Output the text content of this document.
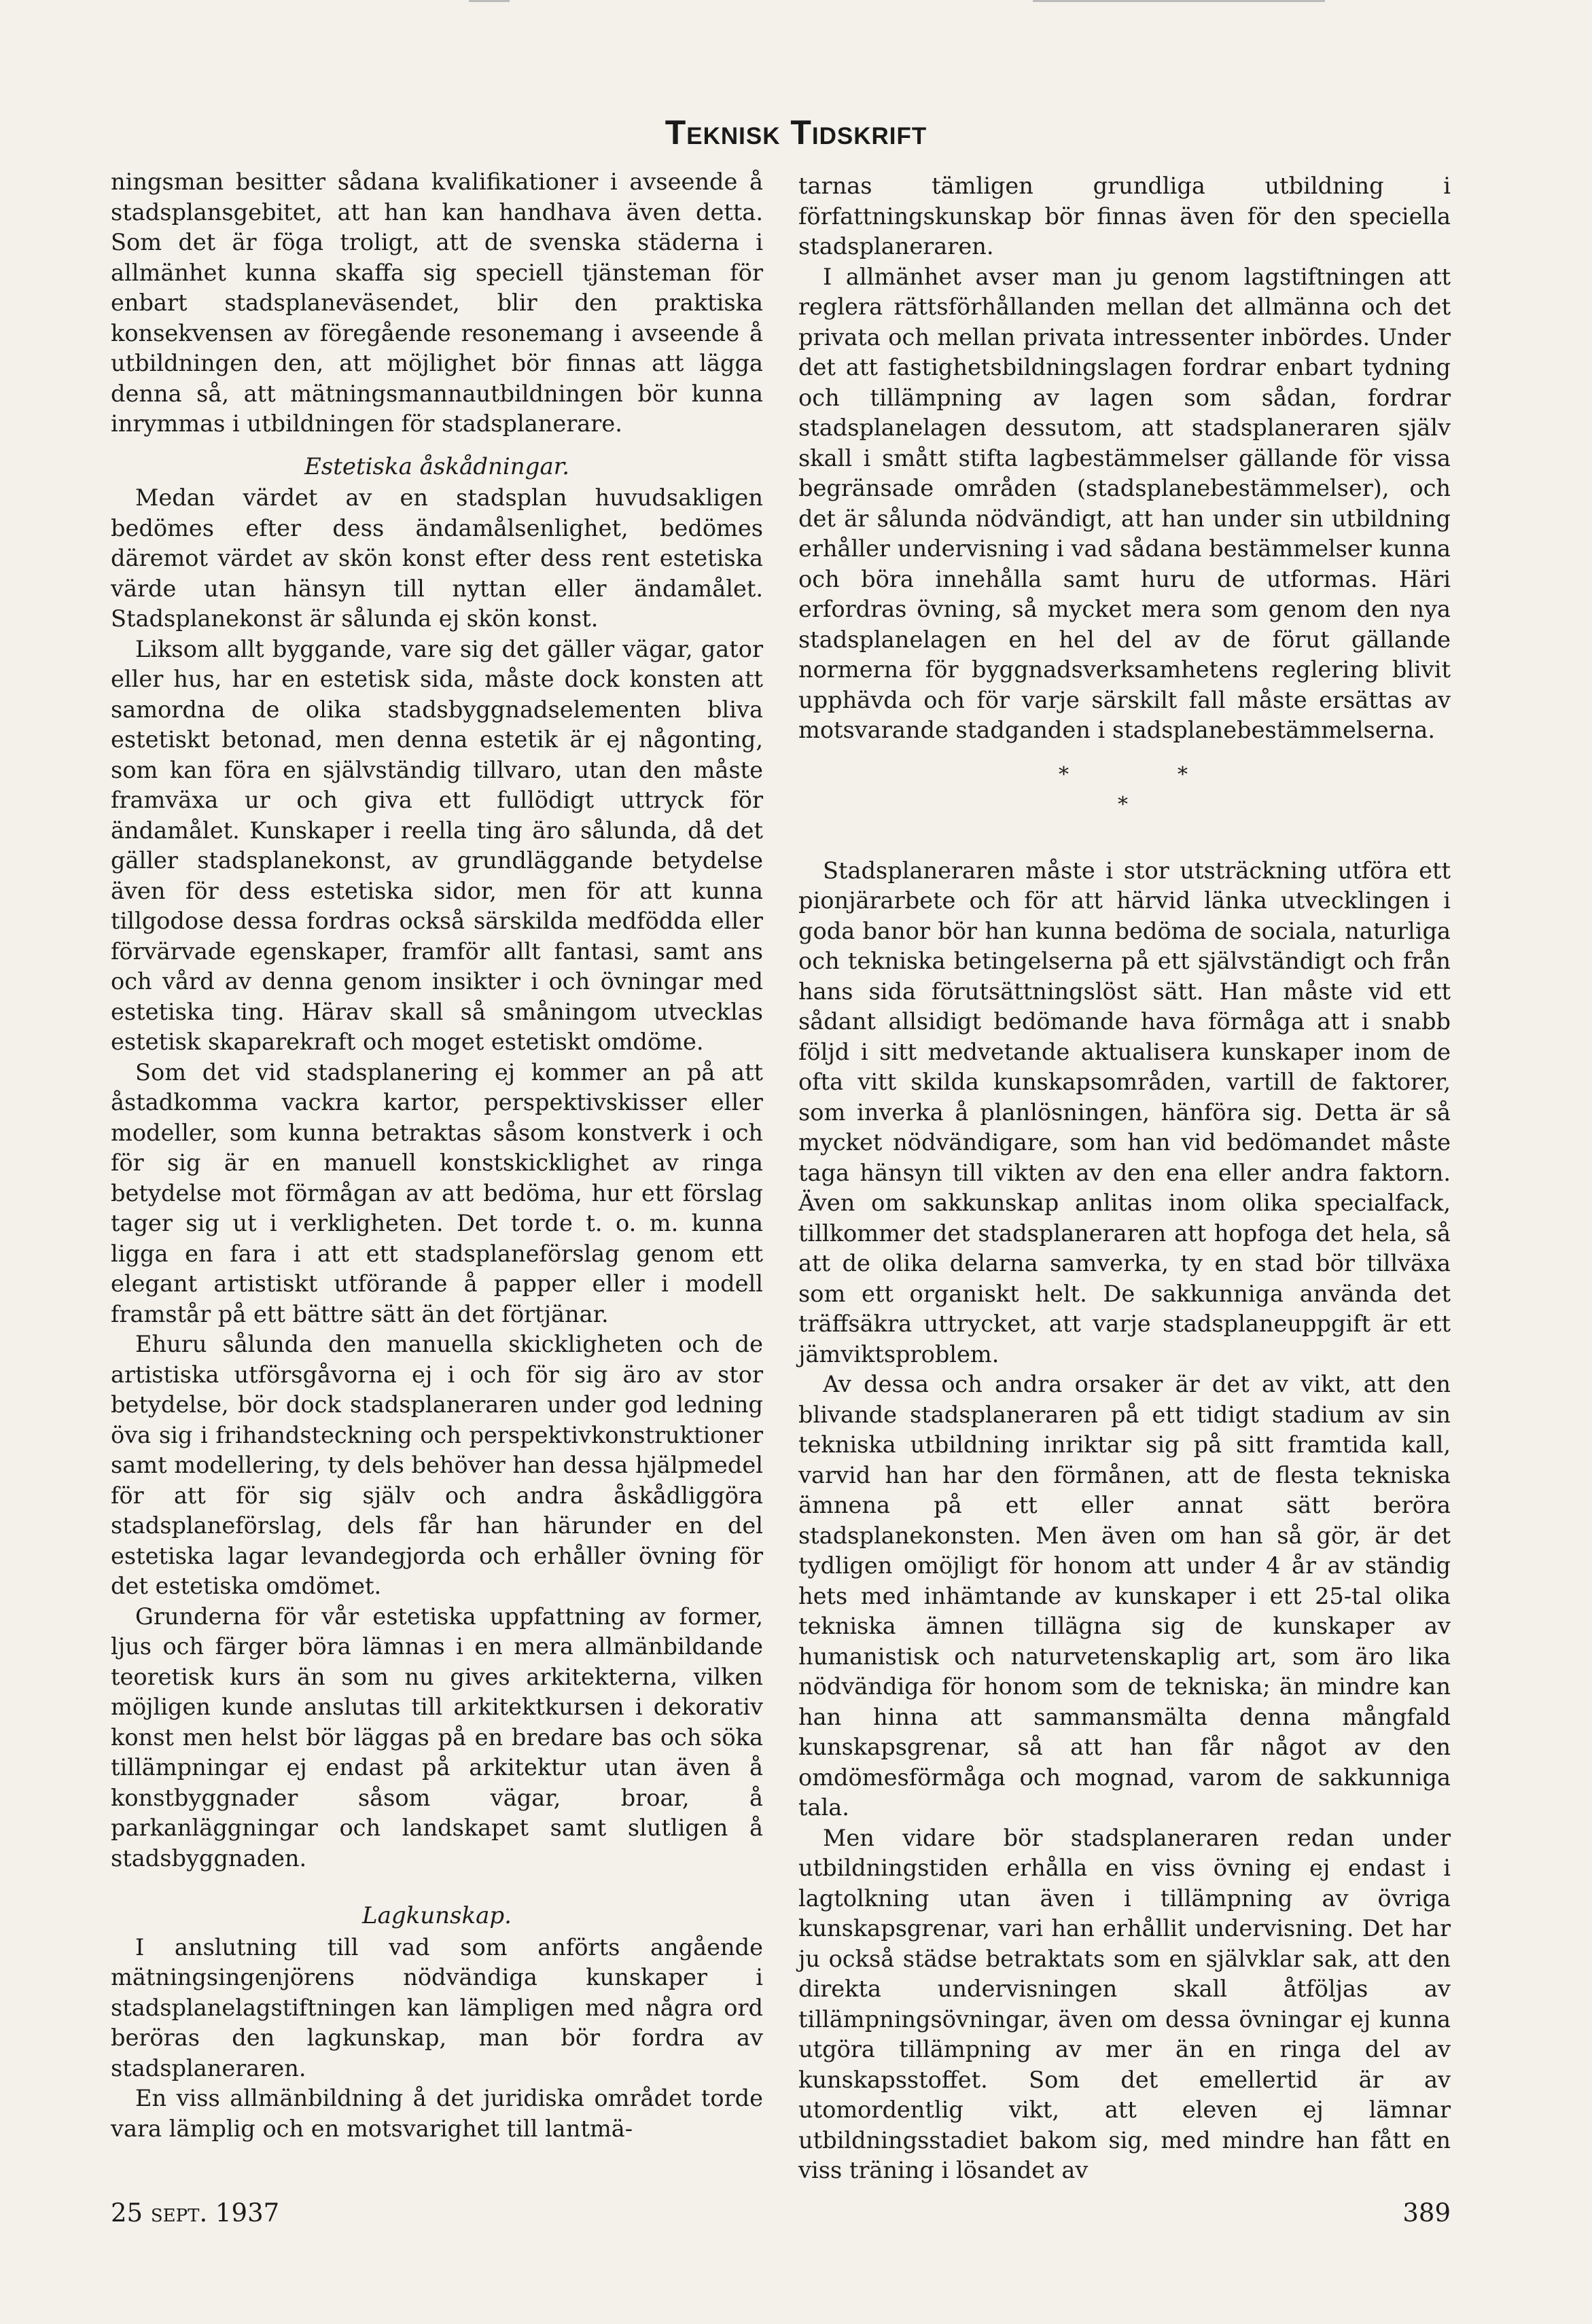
Teknisk Tidskrift

ningsman besitter sådana kvalifikationer i avseende å stadsplansgebitet, att han kan handhava även detta. Som det är föga troligt, att de svenska städerna i allmänhet kunna skaffa sig speciell tjänsteman för enbart stadsplaneväsendet, blir den praktiska konsekvensen av föregående resonemang i avseende å utbildningen den, att möjlighet bör finnas att lägga denna så, att mätningsmannautbildningen bör kunna inrymmas i utbildningen för stadsplanerare.

Estetiska åskådningar.

Medan värdet av en stadsplan huvudsakligen bedömes efter dess ändamålsenlighet, bedömes däremot värdet av skön konst efter dess rent estetiska värde utan hänsyn till nyttan eller ändamålet. Stadsplanekonst är sålunda ej skön konst.

Liksom allt byggande, vare sig det gäller vägar, gator eller hus, har en estetisk sida, måste dock konsten att samordna de olika stadsbyggnadselementen bliva estetiskt betonad, men denna estetik är ej någonting, som kan föra en självständig tillvaro, utan den måste framväxa ur och giva ett fullödigt uttryck för ändamålet. Kunskaper i reella ting äro sålunda, då det gäller stadsplanekonst, av grundläggande betydelse även för dess estetiska sidor, men för att kunna tillgodose dessa fordras också särskilda medfödda eller förvärvade egenskaper, framför allt fantasi, samt ans och vård av denna genom insikter i och övningar med estetiska ting. Härav skall så småningom utvecklas estetisk skaparekraft och moget estetiskt omdöme.

Som det vid stadsplanering ej kommer an på att åstadkomma vackra kartor, perspektivskisser eller modeller, som kunna betraktas såsom konstverk i och för sig är en manuell konstskicklighet av ringa betydelse mot förmågan av att bedöma, hur ett förslag tager sig ut i verkligheten. Det torde t. o. m. kunna ligga en fara i att ett stadsplaneförslag genom ett elegant artistiskt utförande å papper eller i modell framstår på ett bättre sätt än det förtjänar.

Ehuru sålunda den manuella skickligheten och de artistiska utförsgåvorna ej i och för sig äro av stor betydelse, bör dock stadsplaneraren under god ledning öva sig i frihandsteckning och perspektivkonstruktioner samt modellering, ty dels behöver han dessa hjälpmedel för att för sig själv och andra åskådliggöra stadsplaneförslag, dels får han härunder en del estetiska lagar levandegjorda och erhåller övning för det estetiska omdömet.

Grunderna för vår estetiska uppfattning av former, ljus och färger böra lämnas i en mera allmänbildande teoretisk kurs än som nu gives arkitekterna, vilken möjligen kunde anslutas till arkitektkursen i dekorativ konst men helst bör läggas på en bredare bas och söka tillämpningar ej endast på arkitektur utan även å konstbyggnader såsom vägar, broar, å parkanläggningar och landskapet samt slutligen å stadsbyggnaden.

Lagkunskap.

I anslutning till vad som anförts angående mätningsingenjörens nödvändiga kunskaper i stadsplanelagstiftningen kan lämpligen med några ord beröras den lagkunskap, man bör fordra av stadsplaneraren.

En viss allmänbildning å det juridiska området torde vara lämplig och en motsvarighet till lantmä-

tarnas tämligen grundliga utbildning i författningskunskap bör finnas även för den speciella stadsplaneraren.

I allmänhet avser man ju genom lagstiftningen att reglera rättsförhållanden mellan det allmänna och det privata och mellan privata intressenter inbördes. Under det att fastighetsbildningslagen fordrar enbart tydning och tillämpning av lagen som sådan, fordrar stadsplanelagen dessutom, att stadsplaneraren själv skall i smått stifta lagbestämmelser gällande för vissa begränsade områden (stadsplanebestämmelser), och det är sålunda nödvändigt, att han under sin utbildning erhåller undervisning i vad sådana bestämmelser kunna och böra innehålla samt huru de utformas. Häri erfordras övning, så mycket mera som genom den nya stadsplanelagen en hel del av de förut gällande normerna för byggnadsverksamhetens reglering blivit upphävda och för varje särskilt fall måste ersättas av motsvarande stadganden i stadsplanebestämmelserna.

*	*
*

Stadsplaneraren måste i stor utsträckning utföra ett pionjärarbete och för att härvid länka utvecklingen i goda banor bör han kunna bedöma de sociala, naturliga och tekniska betingelserna på ett självständigt och från hans sida förutsättningslöst sätt. Han måste vid ett sådant allsidigt bedömande hava förmåga att i snabb följd i sitt medvetande aktualisera kunskaper inom de ofta vitt skilda kunskapsområden, vartill de faktorer, som inverka å planlösningen, hänföra sig. Detta är så mycket nödvändigare, som han vid bedömandet måste taga hänsyn till vikten av den ena eller andra faktorn. Även om sakkunskap anlitas inom olika specialfack, tillkommer det stadsplaneraren att hopfoga det hela, så att de olika delarna samverka, ty en stad bör tillväxa som ett organiskt helt. De sakkunniga använda det träffsäkra uttrycket, att varje stadsplaneuppgift är ett jämviktsproblem.

Av dessa och andra orsaker är det av vikt, att den blivande stadsplaneraren på ett tidigt stadium av sin tekniska utbildning inriktar sig på sitt framtida kall, varvid han har den förmånen, att de flesta tekniska ämnena på ett eller annat sätt beröra stadsplanekonsten. Men även om han så gör, är det tydligen omöjligt för honom att under 4 år av ständig hets med inhämtande av kunskaper i ett 25-tal olika tekniska ämnen tillägna sig de kunskaper av humanistisk och naturvetenskaplig art, som äro lika nödvändiga för honom som de tekniska; än mindre kan han hinna att sammansmälta denna mångfald kunskapsgrenar, så att han får något av den omdömesförmåga och mognad, varom de sakkunniga tala.

Men vidare bör stadsplaneraren redan under utbildningstiden erhålla en viss övning ej endast i lagtolkning utan även i tillämpning av övriga kunskapsgrenar, vari han erhållit undervisning. Det har ju också städse betraktats som en självklar sak, att den direkta undervisningen skall åtföljas av tillämpningsövningar, även om dessa övningar ej kunna utgöra tillämpning av mer än en ringa del av kunskapsstoffet. Som det emellertid är av utomordentlig vikt, att eleven ej lämnar utbildningsstadiet bakom sig, med mindre han fått en viss träning i lösandet av

25 sept. 1937	389
